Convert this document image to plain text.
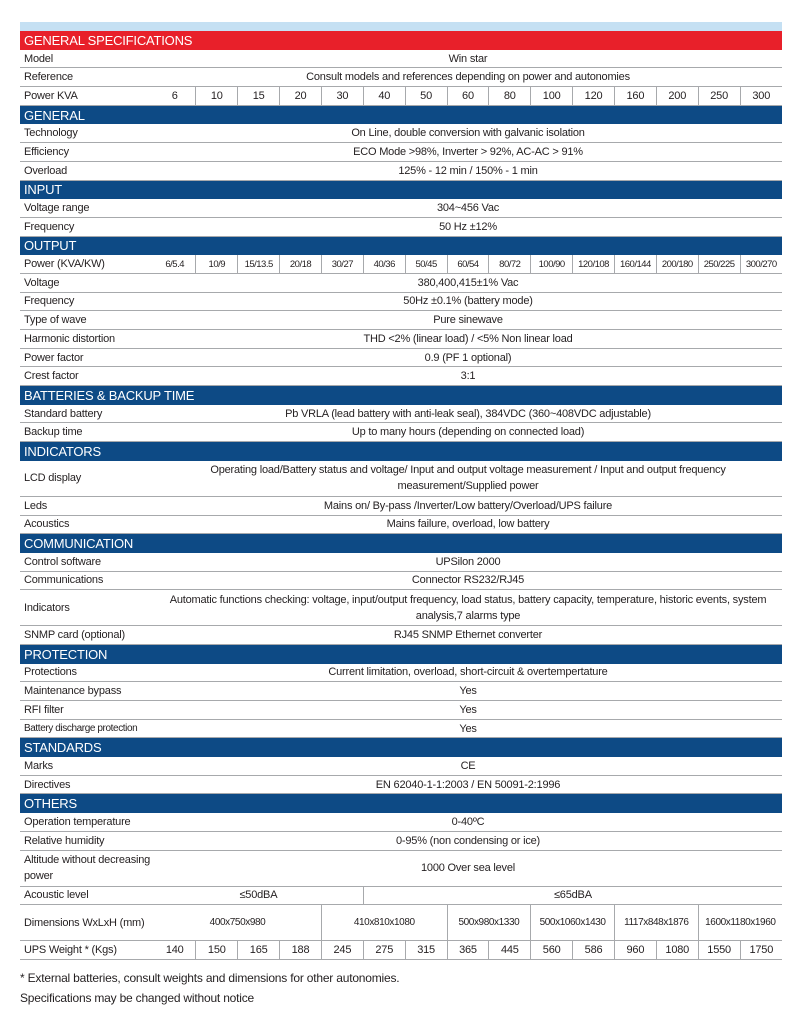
GENERAL SPECIFICATIONS															
Model	Win star														
Reference	Consult models and references depending on power and autonomies														
Power KVA	6	10	15	20	30	40	50	60	80	100	120	160	200	250	300
GENERAL															
Technology	On Line, double conversion with galvanic isolation														
Efficiency	ECO Mode >98%, Inverter > 92%, AC-AC > 91%														
Overload	125% - 12 min / 150% - 1 min														
INPUT															
Voltage range	304~456 Vac														
Frequency	50 Hz ±12%														
OUTPUT															
Power (KVA/KW)	6/5.4	10/9	15/13.5	20/18	30/27	40/36	50/45	60/54	80/72	100/90	120/108	160/144	200/180	250/225	300/270
Voltage	380,400,415±1% Vac														
Frequency	50Hz ±0.1% (battery mode)														
Type of wave	Pure sinewave														
Harmonic distortion	THD <2% (linear load) / <5% Non linear load														
Power factor	0.9 (PF 1 optional)														
Crest factor	3:1														
BATTERIES & BACKUP TIME															
Standard battery	Pb VRLA (lead battery with anti-leak seal), 384VDC (360~408VDC adjustable)														
Backup time	Up to many hours (depending on connected load)														
INDICATORS															
LCD display	Operating load/Battery status and voltage/ Input and output voltage measurement / Input and output frequency measurement/Supplied power														
Leds	Mains on/ By-pass /Inverter/Low battery/Overload/UPS failure														
Acoustics	Mains failure, overload, low battery														
COMMUNICATION															
Control software	UPSilon 2000														
Communications	Connector RS232/RJ45														
Indicators	Automatic functions checking: voltage, input/output frequency, load status, battery capacity, temperature, historic events, system analysis,7 alarms type														
SNMP card (optional)	RJ45 SNMP Ethernet converter														
PROTECTION															
Protections	Current limitation, overload, short-circuit & overtempertature														
Maintenance bypass	Yes														
RFI filter	Yes														
Battery discharge protection	Yes														
STANDARDS															
Marks	CE														
Directives	EN 62040-1-1:2003 / EN 50091-2:1996														
OTHERS															
Operation temperature	0-40ºC														
Relative humidity	0-95% (non condensing or ice)														
Altitude without decreasing power	1000 Over sea level														
Acoustic level	≤50dBA					≤65dBA									
Dimensions WxLxH (mm)	400x750x980				410x810x1080			500x980x1330		500x1060x1430		1117x848x1876		1600x1180x1960	
UPS Weight * (Kgs)	140	150	165	188	245	275	315	365	445	560	586	960	1080	1550	1750
* External batteries, consult weights and dimensions for other autonomies.
Specifications may be changed without notice
